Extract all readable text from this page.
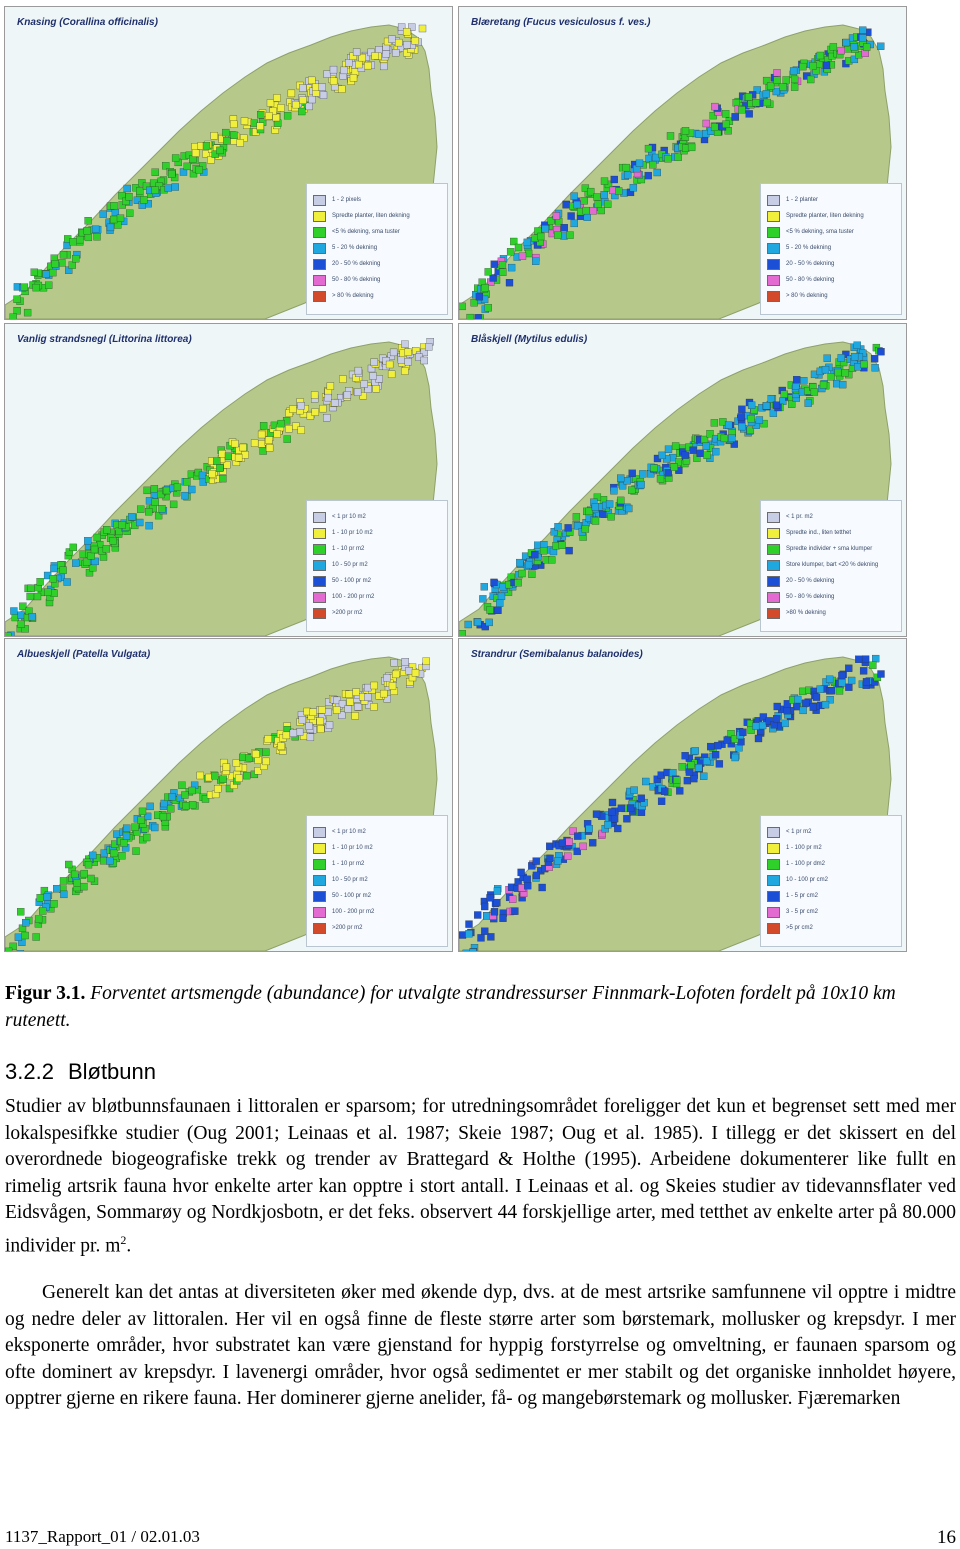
Knasing (Corallina officinalis)
1 - 2 pixels
Spredte planter, liten dekning
<5 % dekning, sma tuster
5 - 20 % dekning
20 - 50 % dekning
50 - 80 % dekning
> 80 % dekning
Blæretang (Fucus vesiculosus f. ves.)
1 - 2 planter
Spredte planter, liten dekning
<5 % dekning, sma tuster
5 - 20 % dekning
20 - 50 % dekning
50 - 80 % dekning
> 80 % dekning
Vanlig strandsnegl (Littorina littorea)
< 1 pr 10 m2
1 - 10 pr 10 m2
1 - 10 pr m2
10 - 50 pr m2
50 - 100 pr m2
100 - 200 pr m2
>200 pr m2
Blåskjell (Mytilus edulis)
< 1 pr. m2
Spredte ind., liten tetthet
Spredte individer + sma klumper
Store klumper, bart <20 % dekning
20 - 50 % dekning
50 - 80 % dekning
>80 % dekning
Albueskjell (Patella Vulgata)
< 1 pr 10 m2
1 - 10 pr 10 m2
1 - 10 pr m2
10 - 50 pr m2
50 - 100 pr m2
100 - 200 pr m2
>200 pr m2
Strandrur (Semibalanus balanoides)
< 1 pr m2
1 - 100 pr m2
1 - 100 pr dm2
10 - 100 pr cm2
1 - 5 pr cm2
3 - 5 pr cm2
>5 pr cm2
Figur 3.1. Forventet artsmengde (abundance) for utvalgte strandressurser Finnmark-Lofoten fordelt på 10x10 km rutenett.
3.2.2 Bløtbunn
Studier av bløtbunnsfaunaen i littoralen er sparsom; for utredningsområdet foreligger det kun et begrenset sett med mer lokalspesifkke studier (Oug 2001; Leinaas et al. 1987; Skeie 1987; Oug et al. 1985). I tillegg er det skissert en del overordnede biogeografiske trekk og trender av Brattegard & Holthe (1995). Arbeidene dokumenterer like fullt en rimelig artsrik fauna hvor enkelte arter kan opptre i stort antall. I Leinaas et al. og Skeies studier av tidevannsflater ved Eidsvågen, Sommarøy og Nordkjosbotn, er det feks. observert 44 forskjellige arter, med tetthet av enkelte arter på 80.000 individer pr. $m^2$.
Generelt kan det antas at diversiteten øker med økende dyp, dvs. at de mest artsrike samfunnene vil opptre i midtre og nedre deler av littoralen. Her vil en også finne de fleste større arter som børstemark, mollusker og krepsdyr. I mer eksponerte områder, hvor substratet kan være gjenstand for hyppig forstyrrelse og omveltning, er faunaen sparsom og ofte dominert av krepsdyr. I lavenergi områder, hvor også sedimentet er mer stabilt og det organiske innholdet høyere, opptrer gjerne en rikere fauna. Her dominerer gjerne anelider, få- og mangebørstemark og mollusker. Fjæremarken
1137_Rapport_01 / 02.01.03	16
